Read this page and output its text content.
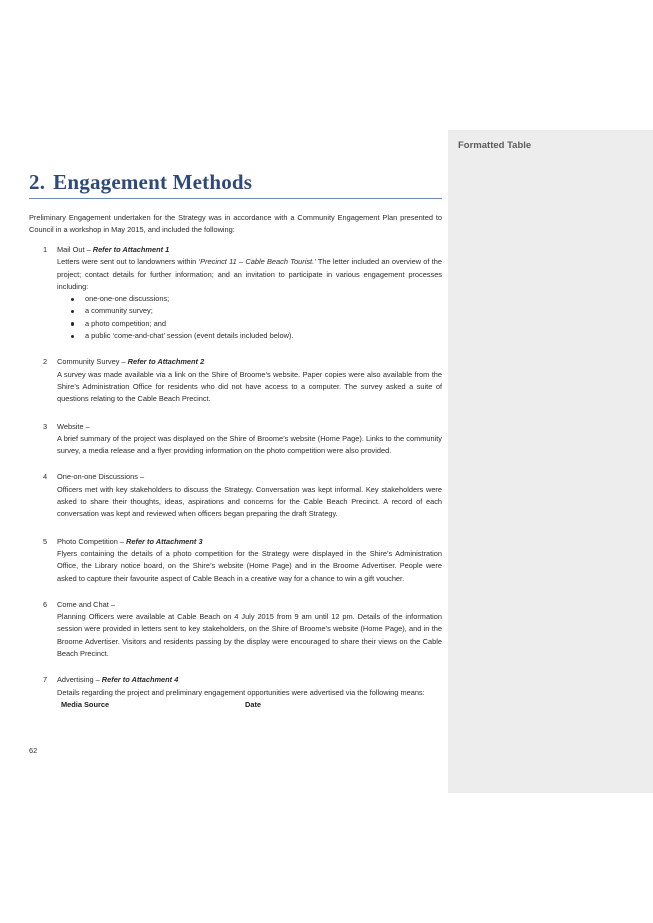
Formatted Table
2. Engagement Methods

Preliminary Engagement undertaken for the Strategy was in accordance with a Community Engagement Plan presented to Council in a workshop in May 2015, and included the following:

1 Mail Out – Refer to Attachment 1
Letters were sent out to landowners within ‘Precinct 11 – Cable Beach Tourist.’ The letter included an overview of the project; contact details for further information; and an invitation to participate in various engagement processes including:
one-one-one discussions;
a community survey;
a photo competition; and
a public ‘come-and-chat’ session (event details included below).
2 Community Survey – Refer to Attachment 2
A survey was made available via a link on the Shire of Broome’s website. Paper copies were also available from the Shire’s Administration Office for residents who did not have access to a computer. The survey asked a suite of questions relating to the Cable Beach Precinct.
3 Website –
A brief summary of the project was displayed on the Shire of Broome’s website (Home Page). Links to the community survey, a media release and a flyer providing information on the photo competition were also provided.
4 One-on-one Discussions –
Officers met with key stakeholders to discuss the Strategy. Conversation was kept informal. Key stakeholders were asked to share their thoughts, ideas, aspirations and concerns for the Cable Beach Precinct. A record of each conversation was kept and reviewed when officers began preparing the draft Strategy.
5 Photo Competition – Refer to Attachment 3
Flyers containing the details of a photo competition for the Strategy were displayed in the Shire’s Administration Office, the Library notice board, on the Shire’s website (Home Page) and in the Broome Advertiser. People were asked to capture their favourite aspect of Cable Beach in a creative way for a chance to win a gift voucher.
6 Come and Chat –
Planning Officers were available at Cable Beach on 4 July 2015 from 9 am until 12 pm. Details of the information session were provided in letters sent to key stakeholders, on the Shire of Broome’s website (Home Page), and in the Broome Advertiser. Visitors and residents passing by the display were encouraged to share their views on the Cable Beach Precinct.
7 Advertising – Refer to Attachment 4
Details regarding the project and preliminary engagement opportunities were advertised via the following means:
Media Source	Date
62
